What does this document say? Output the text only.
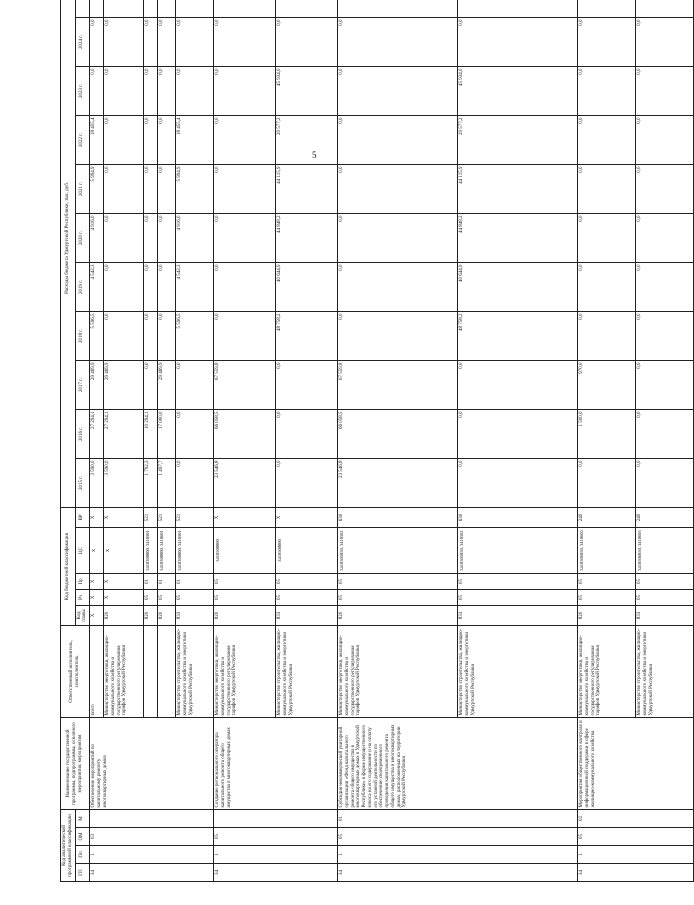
5
Код аналитической программной классификации				Наименование государственной программы, подпрограммы, основного мероприятия, мероприятия	Ответственный исполнитель, соисполнитель	Код бюджетной классификации					Расходы бюджета Удмуртской Республики, тыс. руб.										
ГП	Пп	ОМ	М			Код главы	Рз	Пр	ЦС	ВР	2015 г.	2016 г.	2017 г.	2018 г.	2019 г.	2020 г.	2021 г.	2022 г.	2023 г.	2024 г.	
34	1	03		Обеспечение мероприятий по капитальному ремонту многоквартирных домов	всего	X	X	X	X	X	3 590,0	27 294,1	29 469,9	5 596,5	4 542,3	4 916,0	5 994,9	18 455,4	0,0	0,0	
					Министерство энергетики, жилищно-коммунального хозяйства и государственного регулирования тарифов Удмуртской Республики	820	X	X	X	X	3 590,0	27 294,1	29 469,9	0,0	0,0	0,0	0,0	0,0	0,0	0,0	
						820	05	01	3410300000, 3410501	521	1 792,3	10 294,1	0,0	0,0	0,0	0,0	0,0	0,0	0,0	0,0	
						820	05	01	3410300000, 3410601	521	1 497,7	17 000,0	29 469,9	0,0	0,0	0,0	0,0	0,0	0,0	0,0	
					Министерство строительства, жилищно-коммунального хозяйства и энергетики Удмуртской Республики	833	05	01	3410300000, 3410501	521	0,0	0,0	0,0	5 596,5	4 542,3	4 916,0	5 994,9	18 455,4	0,0	0,0	
34	1	05		Создание регионального оператора капитального ремонта общего имущества в многоквартирных домах	Министерство энергетики, жилищно-коммунального хозяйства и государственного регулирования тарифов Удмуртской Республики	820	05	05	3410500000	X	23 546,8	66 058,5	67 559,8	0,0	0,0	0,0	0,0	0,0	0,0	0,0	
					Министерство строительства, жилищно-коммунального хозяйства и энергетики Удмуртской Республики	833	05	05	3410500000	X	0,0	0,0	0,0	48 758,2	40 644,9	44 848,2	44 115,9	29 577,2	45 934,0	0,0	
34	1	05	01	Субсидия некоммерческой унитарной организации «Фонд капитального ремонта общего имущества в многоквартирных домах в Удмуртской Республике» в форме имущественного взноса на его содержание и на оплату его уставной деятельности по обеспечению своевременного проведения капитального ремонта общего имущества в многоквартирных домах, расположенных на территории Удмуртской Республики	Министерство энергетики, жилищно-коммунального хозяйства и государственного регулирования тарифов Удмуртской Республики	820	05	05	3410505050, 3410581	630	23 546,8	66 058,5	67 559,8	0,0	0,0	0,0	0,0	0,0	0,0	0,0	
					Министерство строительства, жилищно-коммунального хозяйства и энергетики Удмуртской Республики	833	05	05	3410505050, 3410581	630	0,0	0,0	0,0	48 758,2	40 644,9	44 848,2	44 115,9	29 577,2	45 934,0	0,0	
34	1	05	02	Мероприятия общественного контроля и информационной поддержки в сфере жилищно-коммунального хозяйства	Министерство энергетики, жилищно-коммунального хозяйства и государственного регулирования тарифов Удмуртской Республики	820	05	05	3410506050, 3410605	240	0,0	1 500,0	970,0	0,0	0,0	0,0	0,0	0,0	0,0	0,0	
					Министерство строительства, жилищно-коммунального хозяйства и энергетики Удмуртской Республики	833	05	05	3410506050, 3410605	240	0,0	0,0	0,0	0,0	0,0	0,0	0,0	0,0	0,0	0,0	
